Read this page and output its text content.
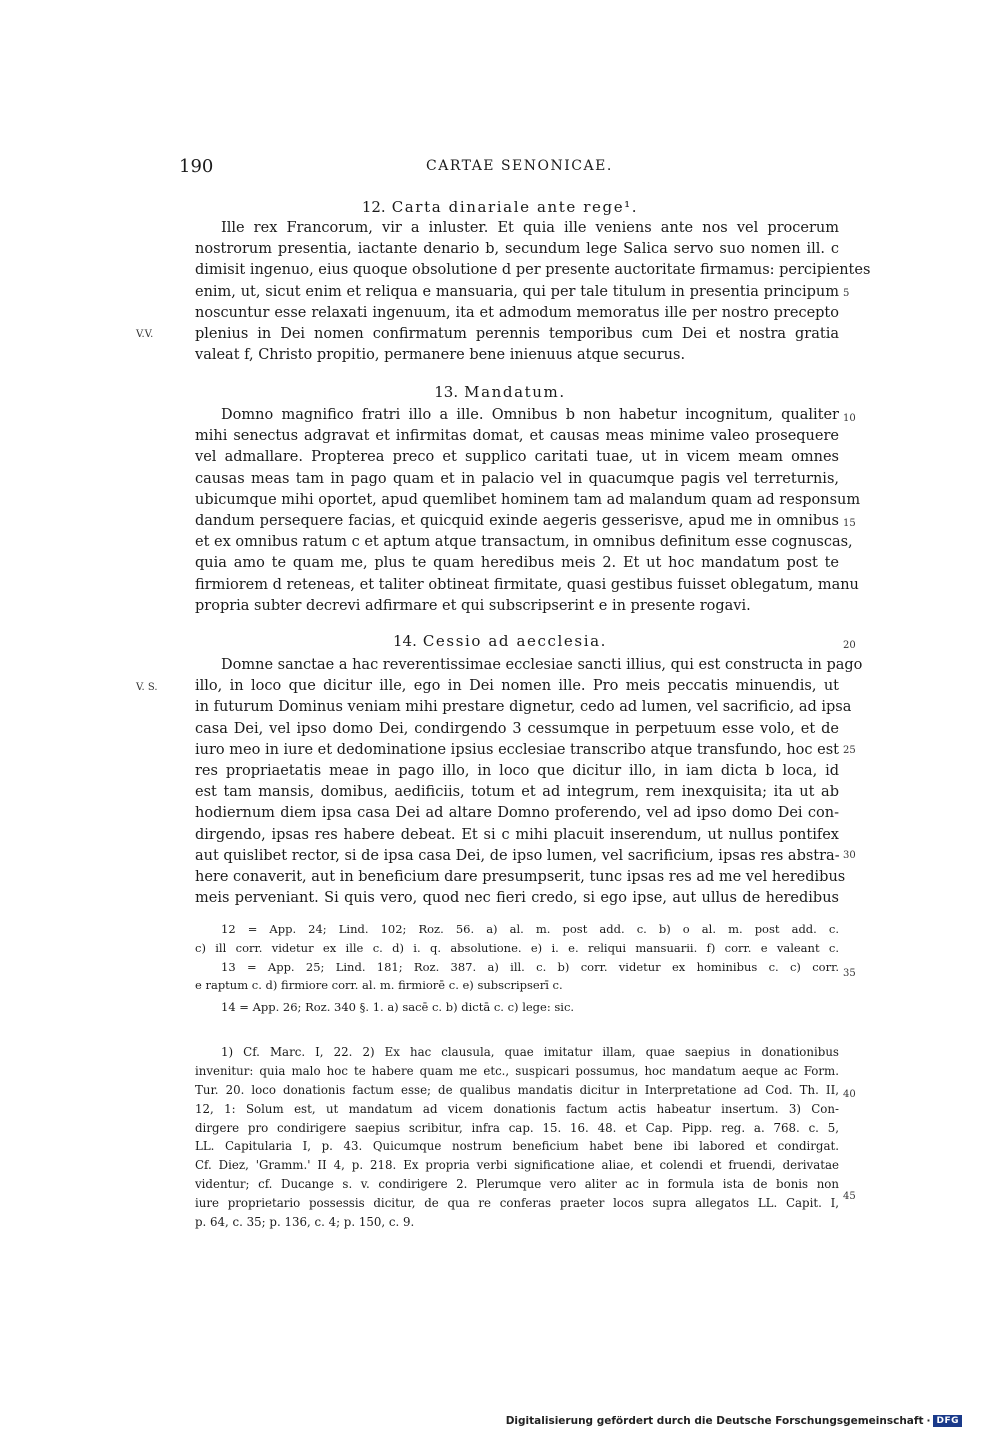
190	CARTAE SENONICAE.
12. Carta dinariale ante rege¹.
Ille rex Francorum, vir a inluster. Et quia ille veniens ante nos vel procerum
nostrorum presentia, iactante denario b, secundum lege Salica servo suo nomen ill. c
dimisit ingenuo, eius quoque obsolutione d per presente auctoritate firmamus: percipientes
enim, ut, sicut enim et reliqua e mansuaria, qui per tale titulum in presentia principum
noscuntur esse relaxati ingenuum, ita et admodum memoratus ille per nostro precepto
plenius in Dei nomen confirmatum perennis temporibus cum Dei et nostra gratia
valeat f, Christo propitio, permanere bene inienuus atque securus.
13. Mandatum.
Domno magnifico fratri illo a ille. Omnibus b non habetur incognitum, qualiter
mihi senectus adgravat et infirmitas domat, et causas meas minime valeo prosequere
vel admallare. Propterea preco et supplico caritati tuae, ut in vicem meam omnes
causas meas tam in pago quam et in palacio vel in quacumque pagis vel terreturnis,
ubicumque mihi oportet, apud quemlibet hominem tam ad malandum quam ad responsum
dandum persequere facias, et quicquid exinde aegeris gesserisve, apud me in omnibus
et ex omnibus ratum c et aptum atque transactum, in omnibus definitum esse cognuscas,
quia amo te quam me, plus te quam heredibus meis 2. Et ut hoc mandatum post te
firmiorem d reteneas, et taliter obtineat firmitate, quasi gestibus fuisset oblegatum, manu
propria subter decrevi adfirmare et qui subscripserint e in presente rogavi.
14. Cessio ad aecclesia.
Domne sanctae a hac reverentissimae ecclesiae sancti illius, qui est constructa in pago
illo, in loco que dicitur ille, ego in Dei nomen ille. Pro meis peccatis minuendis, ut
in futurum Dominus veniam mihi prestare dignetur, cedo ad lumen, vel sacrificio, ad ipsa
casa Dei, vel ipso domo Dei, condirgendo 3 cessumque in perpetuum esse volo, et de
iuro meo in iure et dedominatione ipsius ecclesiae transcribo atque transfundo, hoc est
res propriaetatis meae in pago illo, in loco que dicitur illo, in iam dicta b loca, id
est tam mansis, domibus, aedificiis, totum et ad integrum, rem inexquisita; ita ut ab
hodiernum diem ipsa casa Dei ad altare Domno proferendo, vel ad ipso domo Dei con-
dirgendo, ipsas res habere debeat. Et si c mihi placuit inserendum, ut nullus pontifex
aut quislibet rector, si de ipsa casa Dei, de ipso lumen, vel sacrificium, ipsas res abstra-
here conaverit, aut in beneficium dare presumpserit, tunc ipsas res ad me vel heredibus
meis perveniant. Si quis vero, quod nec fieri credo, si ego ipse, aut ullus de heredibus
5
10
15
20
25
30
35
40
45
V.V.
V. S.
12 = App. 24; Lind. 102; Roz. 56. a) al. m. post add. c. b) o al. m. post add. c.
c) ill corr. videtur ex ille c. d) i. q. absolutione. e) i. e. reliqui mansuarii. f) corr. e valeant c.
13 = App. 25; Lind. 181; Roz. 387. a) ill. c. b) corr. videtur ex hominibus c. c) corr.
e raptum c. d) firmiore corr. al. m. firmiorē c. e) subscripserī c.
14 = App. 26; Roz. 340 §. 1. a) sacē c. b) dictā c. c) lege: sic.
1) Cf. Marc. I, 22. 2) Ex hac clausula, quae imitatur illam, quae saepius in donationibus
invenitur: quia malo hoc te habere quam me etc., suspicari possumus, hoc mandatum aeque ac Form.
Tur. 20. loco donationis factum esse; de qualibus mandatis dicitur in Interpretatione ad Cod. Th. II,
12, 1: Solum est, ut mandatum ad vicem donationis factum actis habeatur insertum. 3) Con-
dirgere pro condirigere saepius scribitur, infra cap. 15. 16. 48. et Cap. Pipp. reg. a. 768. c. 5,
LL. Capitularia I, p. 43. Quicumque nostrum beneficium habet bene ibi labored et condirgat.
Cf. Diez, 'Gramm.' II 4, p. 218. Ex propria verbi significatione aliae, et colendi et fruendi, derivatae
videntur; cf. Ducange s. v. condirigere 2. Plerumque vero aliter ac in formula ista de bonis non
iure proprietario possessis dicitur, de qua re conferas praeter locos supra allegatos LL. Capit. I,
p. 64, c. 35; p. 136, c. 4; p. 150, c. 9.
Digitalisierung gefördert durch die Deutsche Forschungsgemeinschaft · DFG
